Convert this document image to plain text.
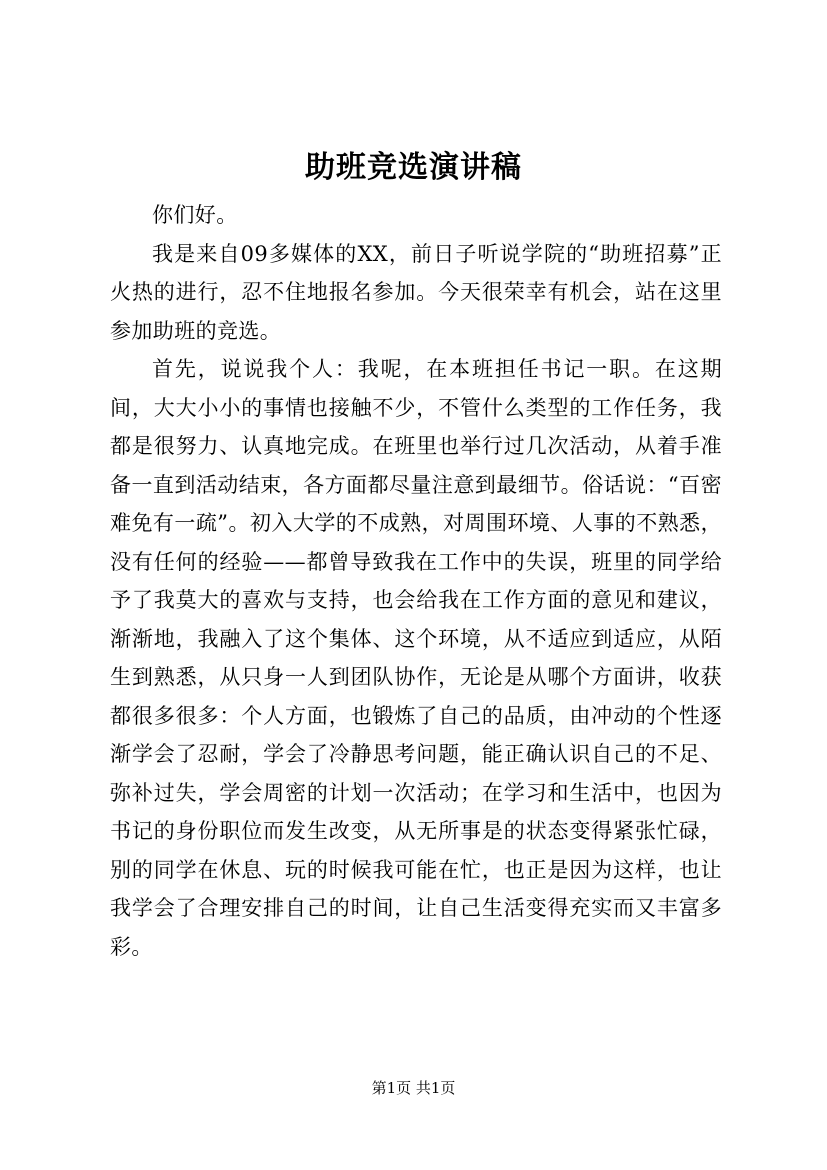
助班竞选演讲稿

你们好。

我是来自09多媒体的XX，前日子听说学院的“助班招募”正火热的进行，忍不住地报名参加。今天很荣幸有机会，站在这里参加助班的竞选。

首先，说说我个人：我呢，在本班担任书记一职。在这期间，大大小小的事情也接触不少，不管什么类型的工作任务，我都是很努力、认真地完成。在班里也举行过几次活动，从着手准备一直到活动结束，各方面都尽量注意到最细节。俗话说：“百密难免有一疏”。初入大学的不成熟，对周围环境、人事的不熟悉，没有任何的经验——都曾导致我在工作中的失误，班里的同学给予了我莫大的喜欢与支持，也会给我在工作方面的意见和建议，渐渐地，我融入了这个集体、这个环境，从不适应到适应，从陌生到熟悉，从只身一人到团队协作，无论是从哪个方面讲，收获都很多很多：个人方面，也锻炼了自己的品质，由冲动的个性逐渐学会了忍耐，学会了冷静思考问题，能正确认识自己的不足、弥补过失，学会周密的计划一次活动；在学习和生活中，也因为书记的身份职位而发生改变，从无所事是的状态变得紧张忙碌，别的同学在休息、玩的时候我可能在忙，也正是因为这样，也让我学会了合理安排自己的时间，让自己生活变得充实而又丰富多彩。

第1页 共1页
